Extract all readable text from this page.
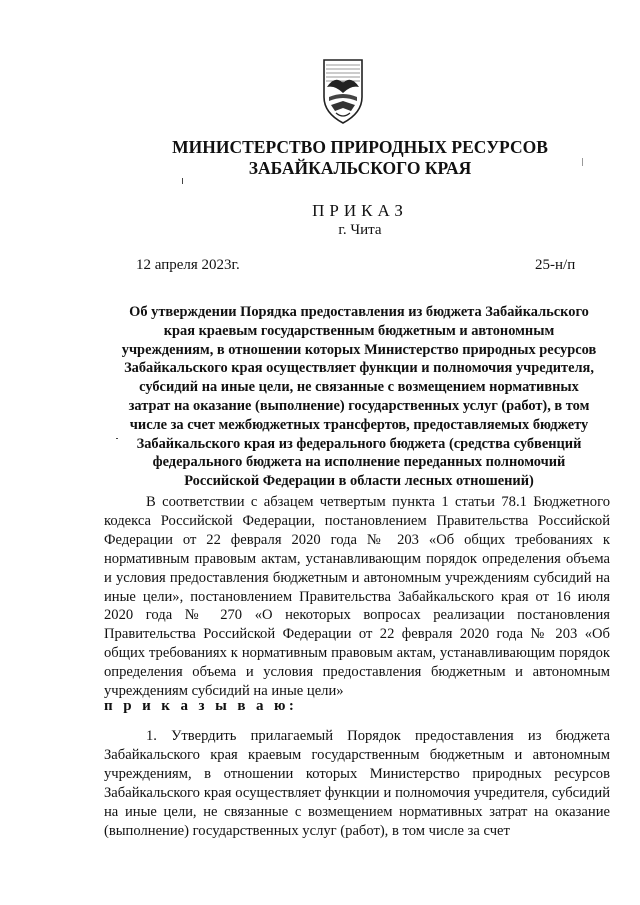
МИНИСТЕРСТВО ПРИРОДНЫХ РЕСУРСОВ
ЗАБАЙКАЛЬСКОГО КРАЯ
ПРИКАЗ
г. Чита
12 апреля 2023г.	25-н/п
Об утверждении Порядка предоставления из бюджета Забайкальского
края краевым государственным бюджетным и автономным
учреждениям, в отношении которых Министерство природных ресурсов
Забайкальского края осуществляет функции и полномочия учредителя,
субсидий на иные цели, не связанные с возмещением нормативных
затрат на оказание (выполнение) государственных услуг (работ), в том
числе за счет межбюджетных трансфертов, предоставляемых бюджету
Забайкальского края из федерального бюджета (средства субвенций
федерального бюджета на исполнение переданных полномочий
Российской Федерации в области лесных отношений)
В соответствии с абзацем четвертым пункта 1 статьи 78.1 Бюджетного кодекса Российской Федерации, постановлением Правительства Российской Федерации от 22 февраля 2020 года № 203 «Об общих требованиях к нормативным правовым актам, устанавливающим порядок определения объема и условия предоставления бюджетным и автономным учреждениям субсидий на иные цели», постановлением Правительства Забайкальского края от 16 июля 2020 года № 270 «О некоторых вопросах реализации постановления Правительства Российской Федерации от 22 февраля 2020 года № 203 «Об общих требованиях к нормативным правовым актам, устанавливающим порядок определения объема и условия предоставления бюджетным и автономным учреждениям субсидий на иные цели»
п р и к а з ы в а ю:
1. Утвердить прилагаемый Порядок предоставления из бюджета Забайкальского края краевым государственным бюджетным и автономным учреждениям, в отношении которых Министерство природных ресурсов Забайкальского края осуществляет функции и полномочия учредителя, субсидий на иные цели, не связанные с возмещением нормативных затрат на оказание (выполнение) государственных услуг (работ), в том числе за счет
